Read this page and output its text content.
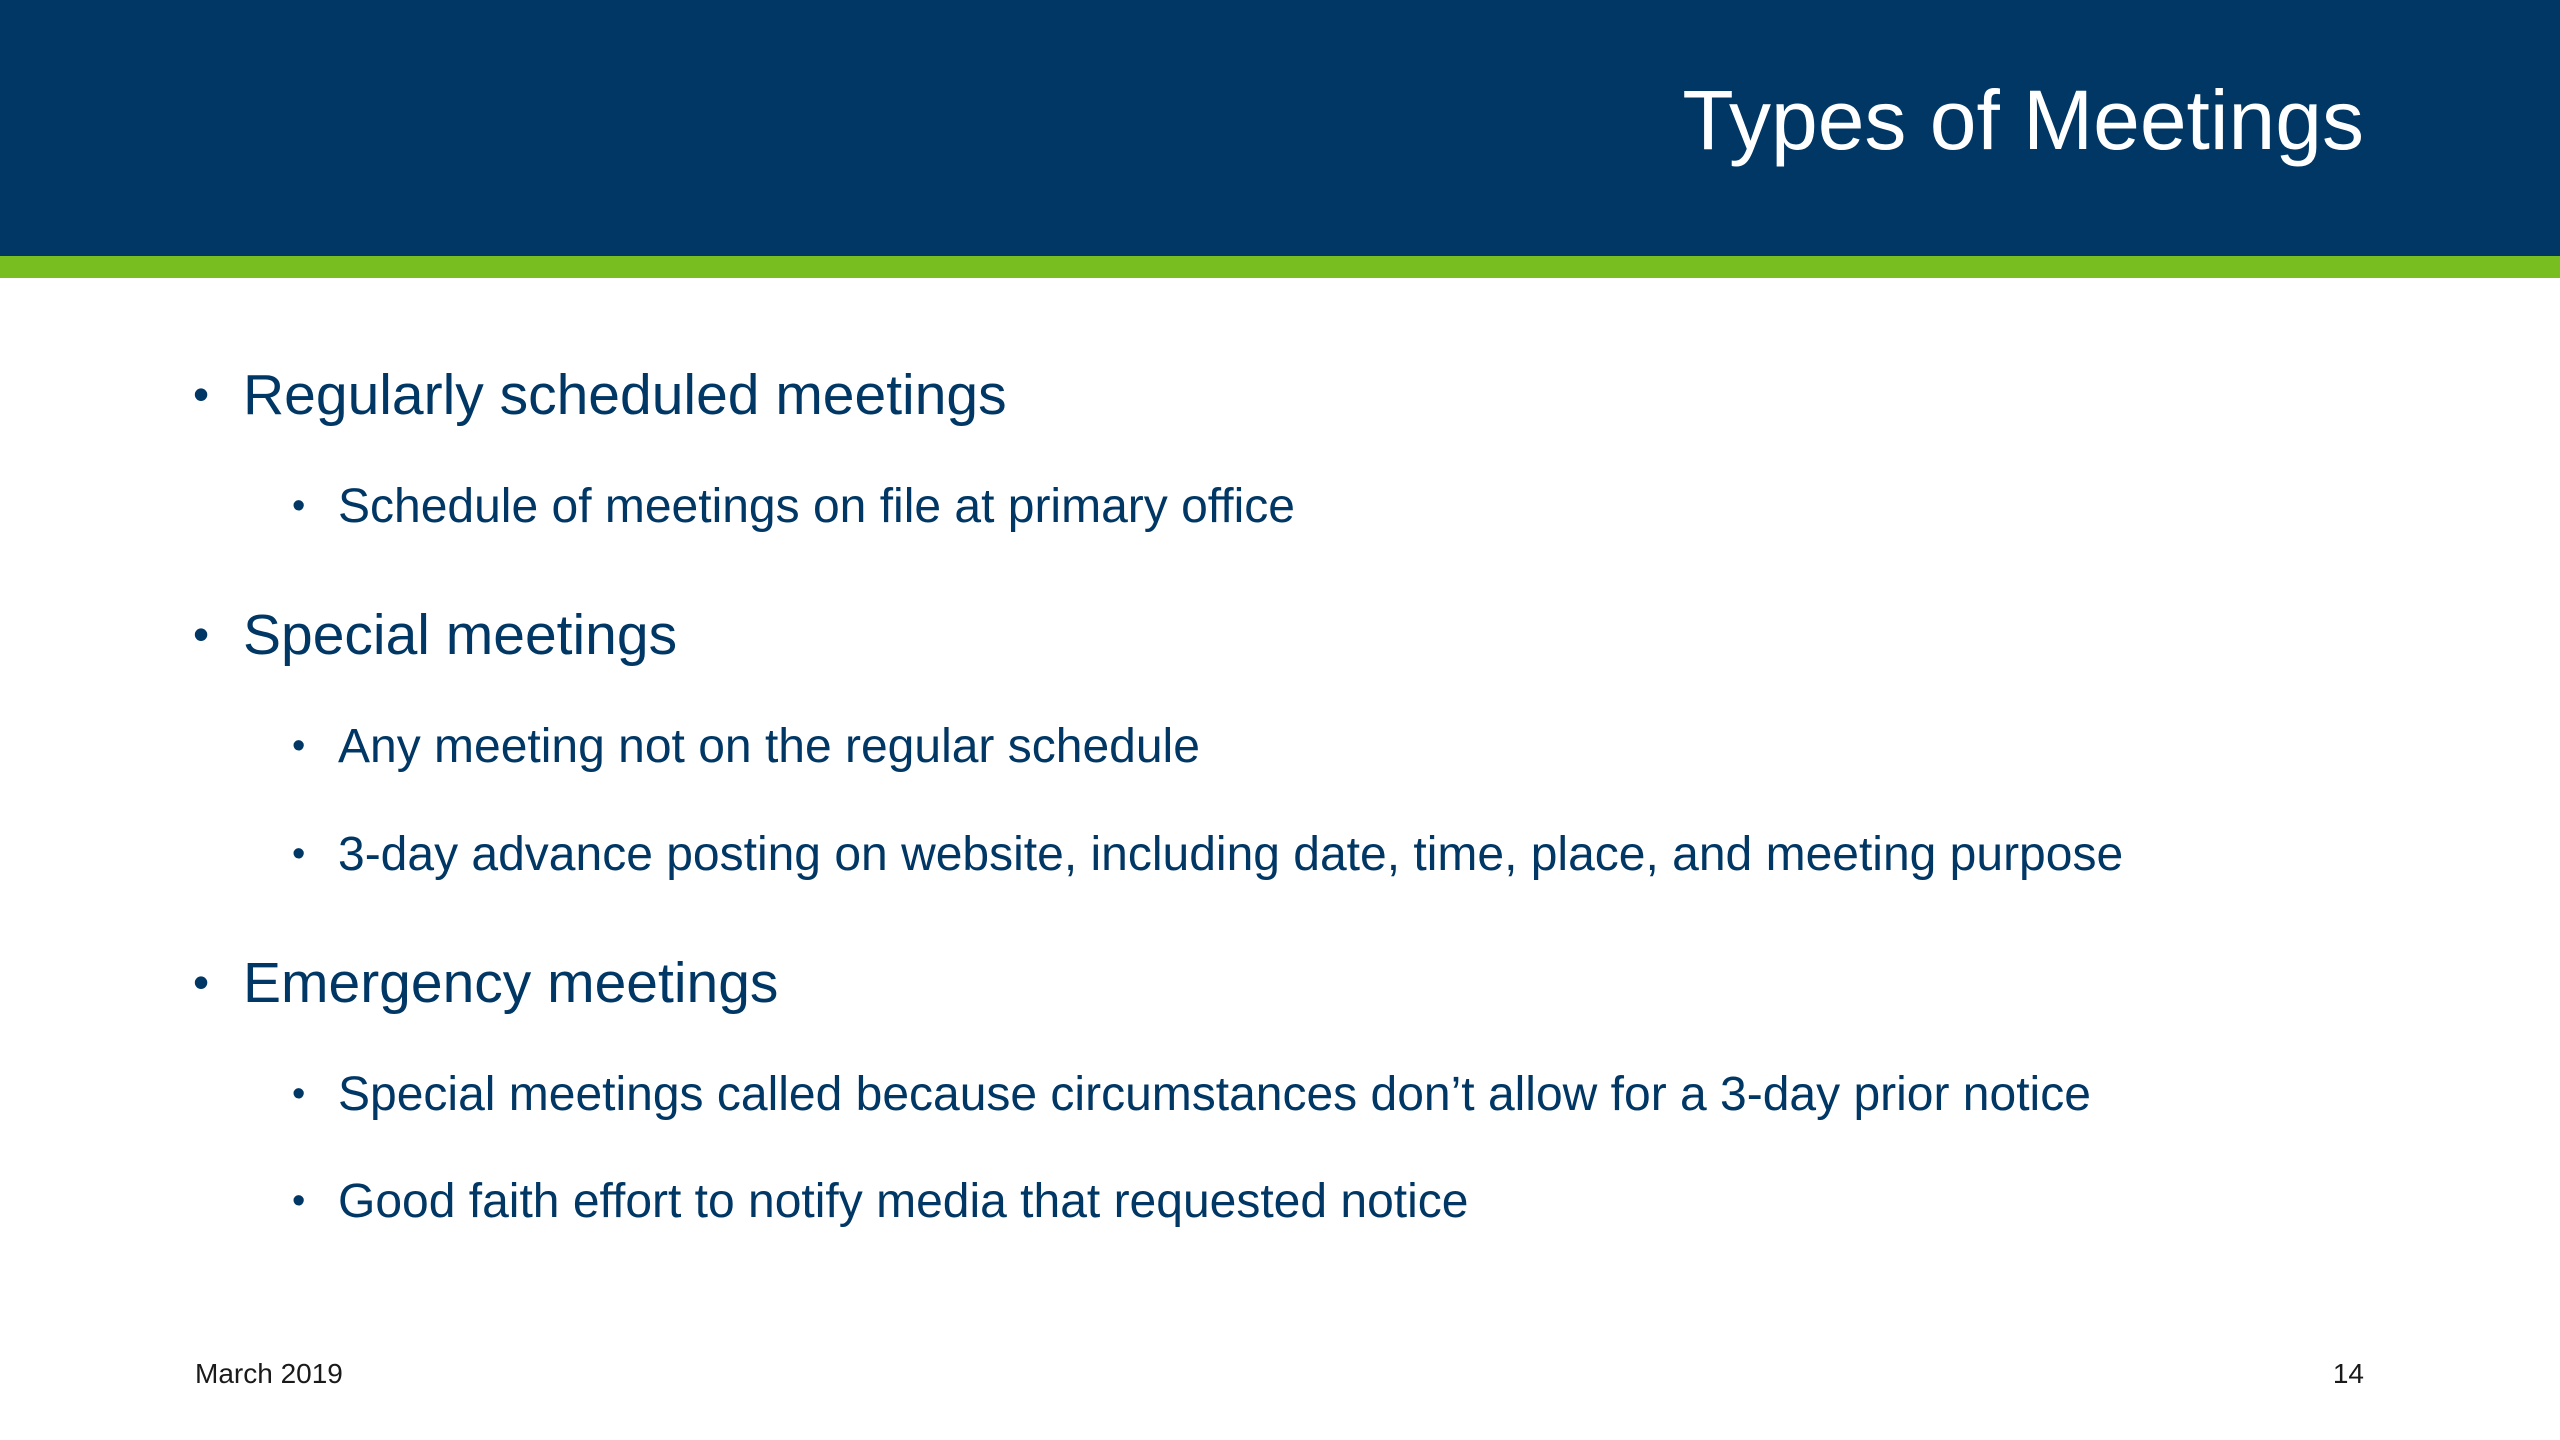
Types of Meetings
• Regularly scheduled meetings
• Schedule of meetings on file at primary office
• Special meetings
• Any meeting not on the regular schedule
• 3-day advance posting on website, including date, time, place, and meeting purpose
• Emergency meetings
• Special meetings called because circumstances don’t allow for a 3-day prior notice
• Good faith effort to notify media that requested notice
March 2019	14
